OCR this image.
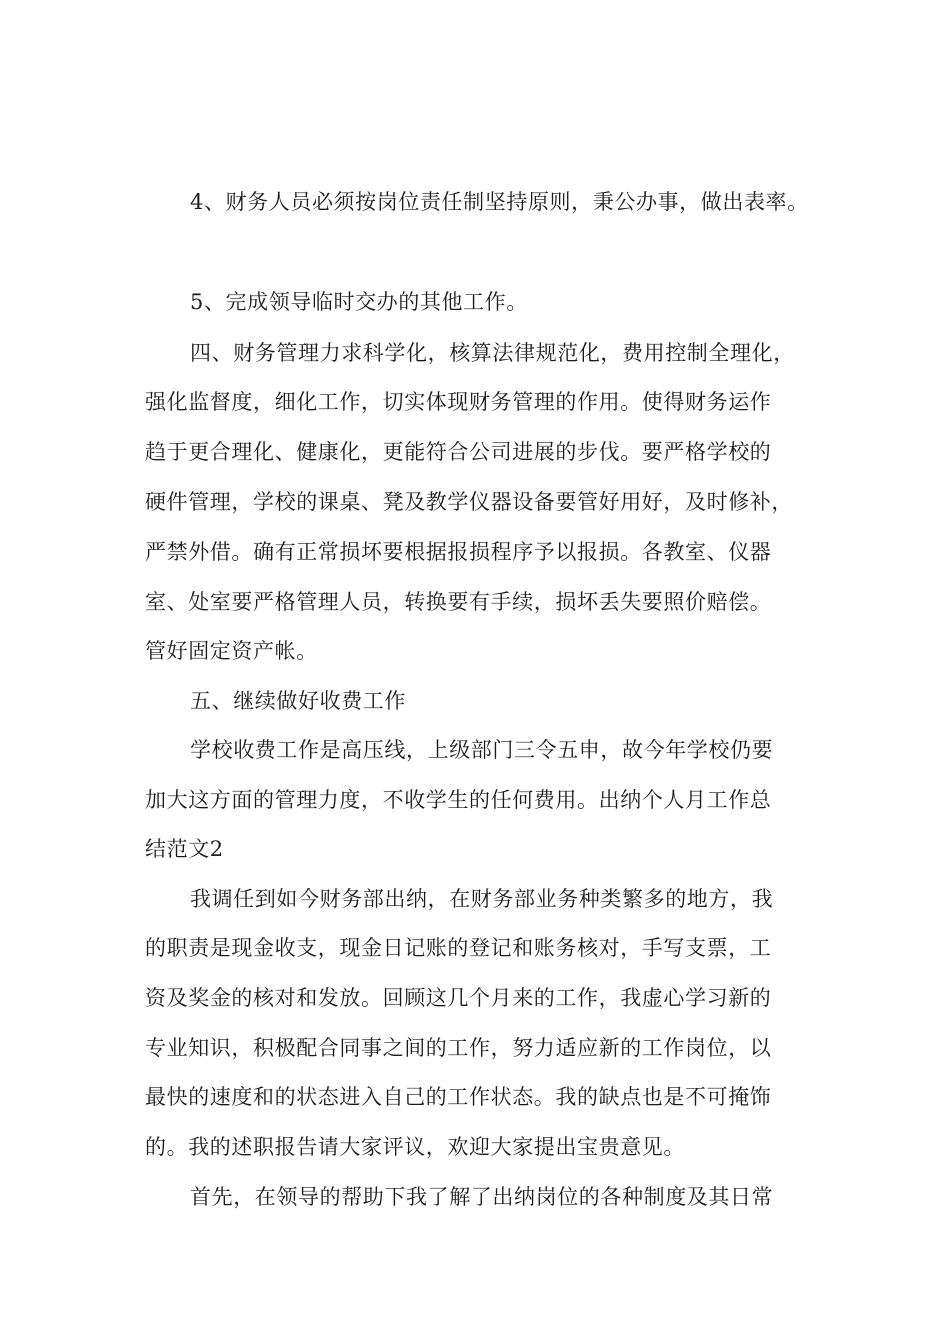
4、财务人员必须按岗位责任制坚持原则，秉公办事，做出表率。
5、完成领导临时交办的其他工作。
四、财务管理力求科学化，核算法律规范化，费用控制全理化，
强化监督度，细化工作，切实体现财务管理的作用。使得财务运作
趋于更合理化、健康化，更能符合公司进展的步伐。要严格学校的
硬件管理，学校的课桌、凳及教学仪器设备要管好用好，及时修补，
严禁外借。确有正常损坏要根据报损程序予以报损。各教室、仪器
室、处室要严格管理人员，转换要有手续，损坏丢失要照价赔偿。
管好固定资产帐。
五、继续做好收费工作
学校收费工作是高压线，上级部门三令五申，故今年学校仍要
加大这方面的管理力度，不收学生的任何费用。出纳个人月工作总
结范文2
我调任到如今财务部出纳，在财务部业务种类繁多的地方，我
的职责是现金收支，现金日记账的登记和账务核对，手写支票，工
资及奖金的核对和发放。回顾这几个月来的工作，我虚心学习新的
专业知识，积极配合同事之间的工作，努力适应新的工作岗位，以
最快的速度和的状态进入自己的工作状态。我的缺点也是不可掩饰
的。我的述职报告请大家评议，欢迎大家提出宝贵意见。
首先，在领导的帮助下我了解了出纳岗位的各种制度及其日常
